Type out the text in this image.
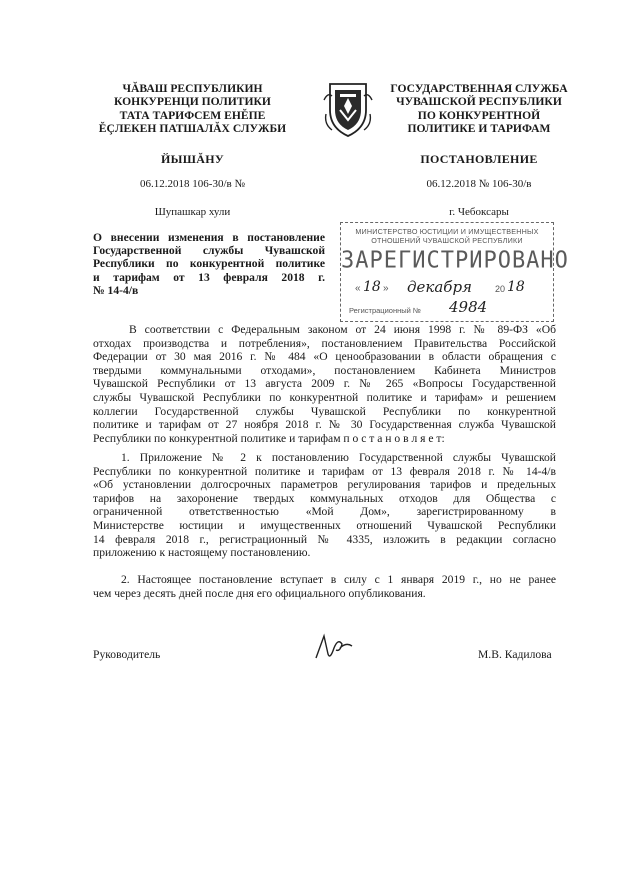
ЧĂВАШ РЕСПУБЛИКИН
КОНКУРЕНЦИ ПОЛИТИКИ
ТАТА ТАРИФСЕМ ЕНĔПЕ
ĔÇЛЕКЕН ПАТШАЛĂХ СЛУЖБИ
ГОСУДАРСТВЕННАЯ СЛУЖБА
ЧУВАШСКОЙ РЕСПУБЛИКИ
ПО КОНКУРЕНТНОЙ
ПОЛИТИКЕ И ТАРИФАМ
ЙЫШĂНУ	ПОСТАНОВЛЕНИЕ
06.12.2018 106-30/в №	06.12.2018 № 106-30/в
Шупашкар хули	г. Чебоксары
О внесении изменения в постановление
Государственной службы Чувашской
Республики по конкурентной политике
и тарифам от 13 февраля 2018 г.
№ 14-4/в
МИНИСТЕРСТВО ЮСТИЦИИ И ИМУЩЕСТВЕННЫХ
ОТНОШЕНИЙ ЧУВАШСКОЙ РЕСПУБЛИКИ
ЗАРЕГИСТРИРОВАНО
« 18 » декабря	20 18
Регистрационный № 4984
В соответствии с Федеральным законом от 24 июня 1998 г. № 89-ФЗ «Об
отходах производства и потребления», постановлением Правительства Российской
Федерации от 30 мая 2016 г. № 484 «О ценообразовании в области обращения с
твердыми коммунальными отходами», постановлением Кабинета Министров
Чувашской Республики от 13 августа 2009 г. № 265 «Вопросы Государственной
службы Чувашской Республики по конкурентной политике и тарифам» и решением
коллегии Государственной службы Чувашской Республики по конкурентной
политике и тарифам от 27 ноября 2018 г. № 30 Государственная служба Чувашской
Республики по конкурентной политике и тарифам п о с т а н о в л я е т:
1. Приложение № 2 к постановлению Государственной службы Чувашской
Республики по конкурентной политике и тарифам от 13 февраля 2018 г. № 14-4/в
«Об установлении долгосрочных параметров регулирования тарифов и предельных
тарифов на захоронение твердых коммунальных отходов для Общества с
ограниченной ответственностью «Мой Дом», зарегистрированному в
Министерстве юстиции и имущественных отношений Чувашской Республики
14 февраля 2018 г., регистрационный № 4335, изложить в редакции согласно
приложению к настоящему постановлению.
2. Настоящее постановление вступает в силу с 1 января 2019 г., но не ранее
чем через десять дней после дня его официального опубликования.
Руководитель	М.В. Кадилова
